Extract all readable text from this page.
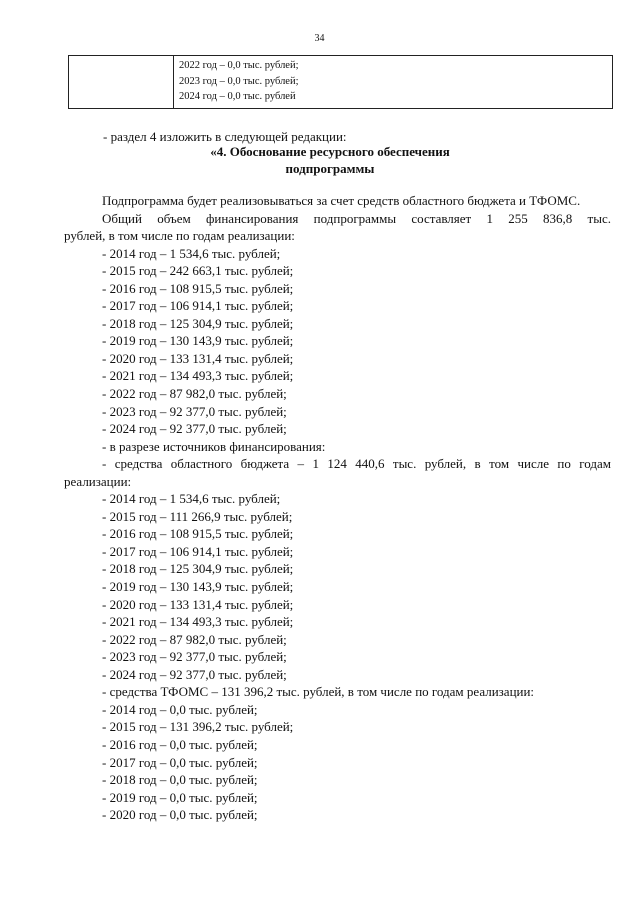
34

2022 год – 0,0 тыс. рублей;
2023 год – 0,0 тыс. рублей;
2024 год – 0,0 тыс. рублей
- раздел 4 изложить в следующей редакции:
«4. Обоснование ресурсного обеспечения
подпрограммы
Подпрограмма будет реализовываться за счет средств областного бюджета и ТФОМС.
Общий объем финансирования подпрограммы составляет 1 255 836,8 тыс.
рублей, в том числе по годам реализации:
- 2014 год – 1 534,6 тыс. рублей;
- 2015 год – 242 663,1 тыс. рублей;
- 2016 год – 108 915,5 тыс. рублей;
- 2017 год – 106 914,1 тыс. рублей;
- 2018 год – 125 304,9 тыс. рублей;
- 2019 год – 130 143,9 тыс. рублей;
- 2020 год – 133 131,4 тыс. рублей;
- 2021 год – 134 493,3 тыс. рублей;
- 2022 год – 87 982,0 тыс. рублей;
- 2023 год – 92 377,0 тыс. рублей;
- 2024 год – 92 377,0 тыс. рублей;
- в разрезе источников финансирования:
- средства областного бюджета – 1 124 440,6 тыс. рублей, в том числе по годам
реализации:
- 2014 год – 1 534,6 тыс. рублей;
- 2015 год – 111 266,9 тыс. рублей;
- 2016 год – 108 915,5 тыс. рублей;
- 2017 год – 106 914,1 тыс. рублей;
- 2018 год – 125 304,9 тыс. рублей;
- 2019 год – 130 143,9 тыс. рублей;
- 2020 год – 133 131,4 тыс. рублей;
- 2021 год – 134 493,3 тыс. рублей;
- 2022 год – 87 982,0 тыс. рублей;
- 2023 год – 92 377,0 тыс. рублей;
- 2024 год – 92 377,0 тыс. рублей;
- средства ТФОМС – 131 396,2 тыс. рублей, в том числе по годам реализации:
- 2014 год – 0,0 тыс. рублей;
- 2015 год – 131 396,2 тыс. рублей;
- 2016 год – 0,0 тыс. рублей;
- 2017 год – 0,0 тыс. рублей;
- 2018 год – 0,0 тыс. рублей;
- 2019 год – 0,0 тыс. рублей;
- 2020 год – 0,0 тыс. рублей;
